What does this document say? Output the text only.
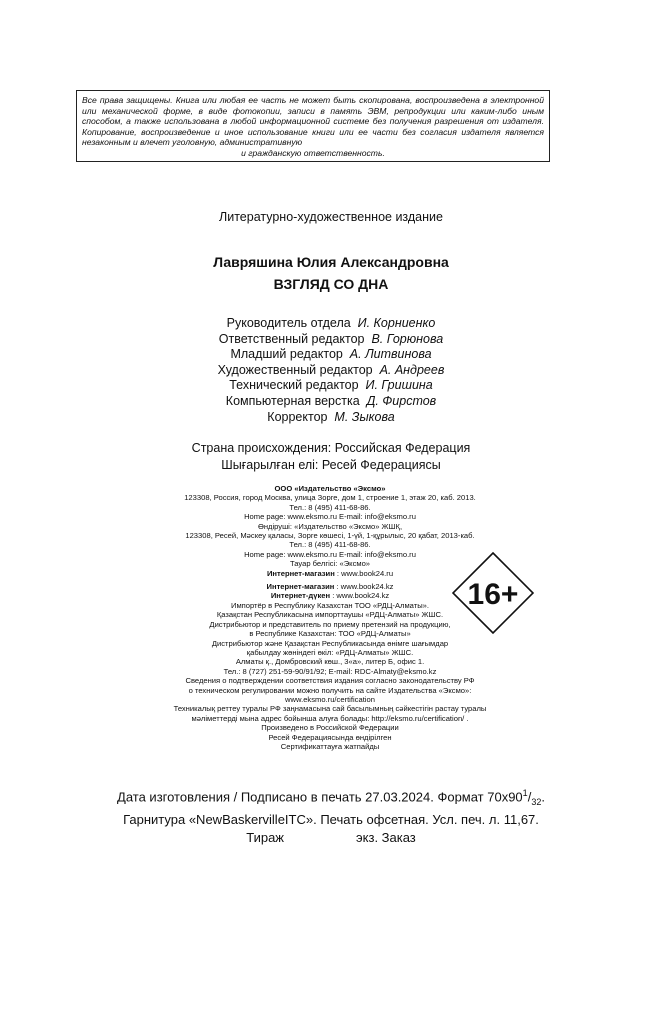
Все права защищены. Книга или любая ее часть не может быть скопирована, воспроизведена в электронной или механической форме, в виде фотокопии, записи в память ЭВМ, репродукции или каким-либо иным способом, а также использована в любой информационной системе без получения разрешения от издателя. Копирование, воспроизведение и иное использование книги или ее части без согласия издателя является незаконным и влечет уголовную, административную
и гражданскую ответственность.
Литературно-художественное издание
Лавряшина Юлия Александровна
ВЗГЛЯД СО ДНА
Руководитель отдела И. Корниенко
Ответственный редактор В. Горюнова
Младший редактор А. Литвинова
Художественный редактор А. Андреев
Технический редактор И. Гришина
Компьютерная верстка Д. Фирстов
Корректор М. Зыкова
Страна происхождения: Российская Федерация
Шығарылған елі: Ресей Федерациясы
ООО «Издательство «Эксмо»
123308, Россия, город Москва, улица Зорге, дом 1, строение 1, этаж 20, каб. 2013.
Тел.: 8 (495) 411-68-86.
Home page: www.eksmo.ru E-mail: info@eksmo.ru
Өндіруші: «Издательство «Эксмо» ЖШҚ,
123308, Ресей, Мәскеу қаласы, Зорге көшесі, 1-үй, 1-құрылыс, 20 қабат, 2013-каб.
Тел.: 8 (495) 411-68-86.
Home page: www.eksmo.ru E-mail: info@eksmo.ru
Тауар белгісі: «Эксмо»
Интернет-магазин : www.book24.ru
Интернет-магазин : www.book24.kz
Интернет-дүкен : www.book24.kz
Импортёр в Республику Казахстан ТОО «РДЦ-Алматы».
Қазақстан Республикасына импорттаушы «РДЦ-Алматы» ЖШС.
Дистрибьютор и представитель по приему претензий на продукцию,
в Республике Казахстан: ТОО «РДЦ-Алматы»
Дистрибьютор және Қазақстан Республикасында өнімге шағымдар
қабылдау жөніндегі өкіл: «РДЦ-Алматы» ЖШС.
Алматы қ., Домбровский көш., 3«а», литер Б, офис 1.
Тел.: 8 (727) 251-59-90/91/92; E-mail: RDC-Almaty@eksmo.kz
Сведения о подтверждении соответствия издания согласно законодательству РФ
о техническом регулировании можно получить на сайте Издательства «Эксмо»:
www.eksmo.ru/certification
Техникалық реттеу туралы РФ заңнамасына сай басылымның сәйкестігін растау туралы
мәліметтерді мына адрес бойынша алуға болады: http://eksmo.ru/certification/ .
Произведено в Российской Федерации
Ресей Федерациясында өндірілген
Сертификаттауға жатпайды
16+
Дата изготовления / Подписано в печать 27.03.2024. Формат $70x90^1/_{32}$.
Гарнитура «NewBaskervilleITC». Печать офсетная. Усл. печ. л. 11,67.
Тираж	экз. Заказ
